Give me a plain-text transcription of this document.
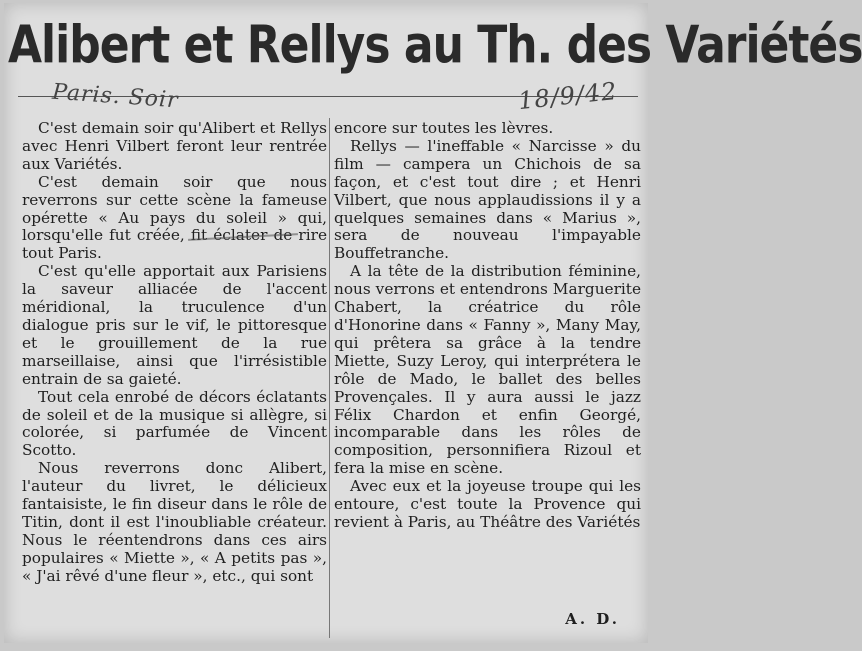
Alibert et Rellys au Th. des Variétés
Paris. Soir	18/9/42

C'est demain soir qu'Alibert et Rellys avec Henri Vilbert feront leur rentrée aux Variétés.

C'est demain soir que nous reverrons sur cette scène la fameuse opérette « Au pays du soleil » qui, lorsqu'elle fut créée, fit éclater de rire tout Paris.

C'est qu'elle apportait aux Parisiens la saveur alliacée de l'accent méridional, la truculence d'un dialogue pris sur le vif, le pittoresque et le grouillement de la rue marseillaise, ainsi que l'irrésistible entrain de sa gaieté.

Tout cela enrobé de décors éclatants de soleil et de la musique si allègre, si colorée, si parfumée de Vincent Scotto.

Nous reverrons donc Alibert, l'auteur du livret, le délicieux fantaisiste, le fin diseur dans le rôle de Titin, dont il est l'inoubliable créateur. Nous le réentendrons dans ces airs populaires « Miette », « A petits pas », « J'ai rêvé d'une fleur », etc., qui sont

encore sur toutes les lèvres.

Rellys — l'ineffable « Narcisse » du film — campera un Chichois de sa façon, et c'est tout dire ; et Henri Vilbert, que nous applaudissions il y a quelques semaines dans « Marius », sera de nouveau l'impayable Bouffetranche.

A la tête de la distribution féminine, nous verrons et entendrons Marguerite Chabert, la créatrice du rôle d'Honorine dans « Fanny », Many May, qui prêtera sa grâce à la tendre Miette, Suzy Leroy, qui interprétera le rôle de Mado, le ballet des belles Provençales. Il y aura aussi le jazz Félix Chardon et enfin Georgé, incomparable dans les rôles de composition, personnifiera Rizoul et fera la mise en scène.

Avec eux et la joyeuse troupe qui les entoure, c'est toute la Provence qui revient à Paris, au Théâtre des Variétés

A. D.
